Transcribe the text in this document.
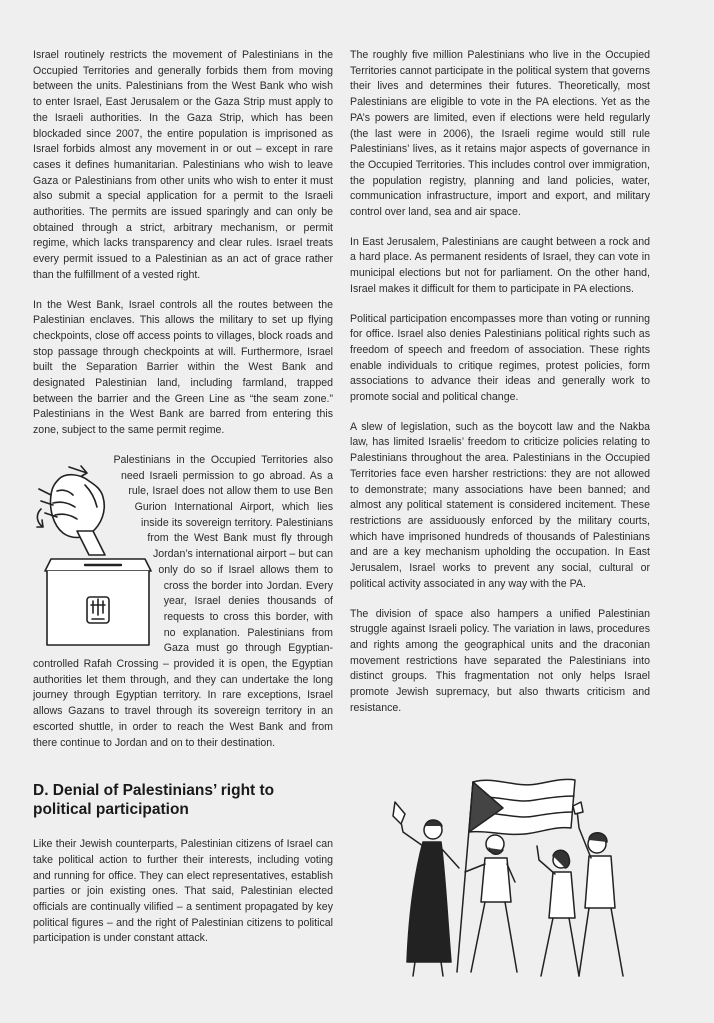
Israel routinely restricts the movement of Palestinians in the Occupied Territories and generally forbids them from moving between the units. Palestinians from the West Bank who wish to enter Israel, East Jerusalem or the Gaza Strip must apply to the Israeli authorities. In the Gaza Strip, which has been blockaded since 2007, the entire population is imprisoned as Israel forbids almost any movement in or out – except in rare cases it defines humanitarian. Palestinians who wish to leave Gaza or Palestinians from other units who wish to enter it must also submit a special application for a permit to the Israeli authorities. The permits are issued sparingly and can only be obtained through a strict, arbitrary mechanism, or permit regime, which lacks transparency and clear rules. Israel treats every permit issued to a Palestinian as an act of grace rather than the fulfillment of a vested right.

In the West Bank, Israel controls all the routes between the Palestinian enclaves. This allows the military to set up flying checkpoints, close off access points to villages, block roads and stop passage through checkpoints at will. Furthermore, Israel built the Separation Barrier within the West Bank and designated Palestinian land, including farmland, trapped between the barrier and the Green Line as “the seam zone.” Palestinians in the West Bank are barred from entering this zone, subject to the same permit regime.

Palestinians in the Occupied Territories also need Israeli permission to go abroad. As a rule, Israel does not allow them to use Ben Gurion International Airport, which lies inside its sovereign territory. Palestinians from the West Bank must fly through Jordan’s international airport – but can only do so if Israel allows them to cross the border into Jordan. Every year, Israel denies thousands of requests to cross this border, with no explanation. Palestinians from Gaza must go through Egyptian-controlled Rafah Crossing – provided it is open, the Egyptian authorities let them through, and they can undertake the long journey through Egyptian territory. In rare exceptions, Israel allows Gazans to travel through its sovereign territory in an escorted shuttle, in order to reach the West Bank and from there continue to Jordan and on to their destination.

D. Denial of Palestinians’ right to political participation

Like their Jewish counterparts, Palestinian citizens of Israel can take political action to further their interests, including voting and running for office. They can elect representatives, establish parties or join existing ones. That said, Palestinian elected officials are continually vilified – a sentiment propagated by key political figures – and the right of Palestinian citizens to political participation is under constant attack.

The roughly five million Palestinians who live in the Occupied Territories cannot participate in the political system that governs their lives and determines their futures. Theoretically, most Palestinians are eligible to vote in the PA elections. Yet as the PA’s powers are limited, even if elections were held regularly (the last were in 2006), the Israeli regime would still rule Palestinians’ lives, as it retains major aspects of governance in the Occupied Territories. This includes control over immigration, the population registry, planning and land policies, water, communication infrastructure, import and export, and military control over land, sea and air space.

In East Jerusalem, Palestinians are caught between a rock and a hard place. As permanent residents of Israel, they can vote in municipal elections but not for parliament. On the other hand, Israel makes it difficult for them to participate in PA elections.

Political participation encompasses more than voting or running for office. Israel also denies Palestinians political rights such as freedom of speech and freedom of association. These rights enable individuals to critique regimes, protest policies, form associations to advance their ideas and generally work to promote social and political change.

A slew of legislation, such as the boycott law and the Nakba law, has limited Israelis’ freedom to criticize policies relating to Palestinians throughout the area. Palestinians in the Occupied Territories face even harsher restrictions: they are not allowed to demonstrate; many associations have been banned; and almost any political statement is considered incitement. These restrictions are assiduously enforced by the military courts, which have imprisoned hundreds of thousands of Palestinians and are a key mechanism upholding the occupation. In East Jerusalem, Israel works to prevent any social, cultural or political activity associated in any way with the PA.

The division of space also hampers a unified Palestinian struggle against Israeli policy. The variation in laws, procedures and rights among the geographical units and the draconian movement restrictions have separated the Palestinians into distinct groups. This fragmentation not only helps Israel promote Jewish supremacy, but also thwarts criticism and resistance.
